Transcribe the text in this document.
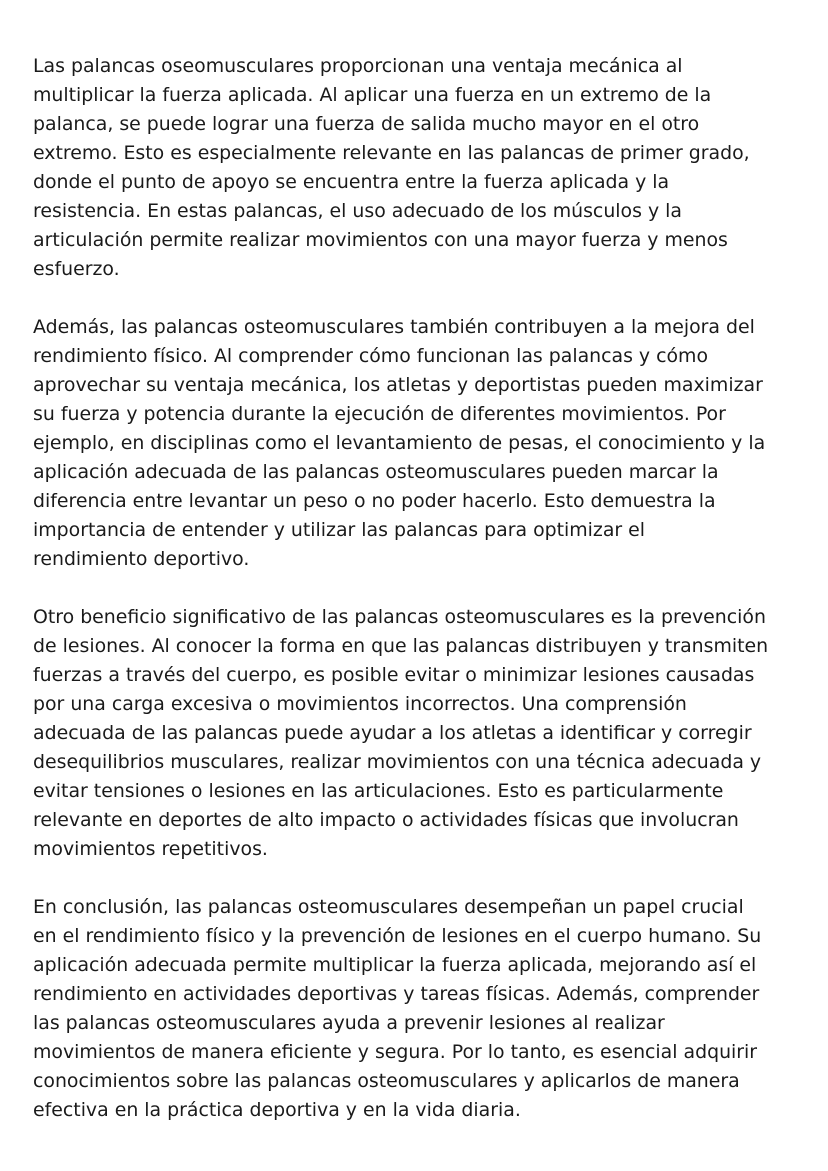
Las palancas oseomusculares proporcionan una ventaja mecánica al
multiplicar la fuerza aplicada. Al aplicar una fuerza en un extremo de la
palanca, se puede lograr una fuerza de salida mucho mayor en el otro
extremo. Esto es especialmente relevante en las palancas de primer grado,
donde el punto de apoyo se encuentra entre la fuerza aplicada y la
resistencia. En estas palancas, el uso adecuado de los músculos y la
articulación permite realizar movimientos con una mayor fuerza y menos
esfuerzo.

Además, las palancas osteomusculares también contribuyen a la mejora del
rendimiento físico. Al comprender cómo funcionan las palancas y cómo
aprovechar su ventaja mecánica, los atletas y deportistas pueden maximizar
su fuerza y potencia durante la ejecución de diferentes movimientos. Por
ejemplo, en disciplinas como el levantamiento de pesas, el conocimiento y la
aplicación adecuada de las palancas osteomusculares pueden marcar la
diferencia entre levantar un peso o no poder hacerlo. Esto demuestra la
importancia de entender y utilizar las palancas para optimizar el
rendimiento deportivo.

Otro beneficio significativo de las palancas osteomusculares es la prevención
de lesiones. Al conocer la forma en que las palancas distribuyen y transmiten
fuerzas a través del cuerpo, es posible evitar o minimizar lesiones causadas
por una carga excesiva o movimientos incorrectos. Una comprensión
adecuada de las palancas puede ayudar a los atletas a identificar y corregir
desequilibrios musculares, realizar movimientos con una técnica adecuada y
evitar tensiones o lesiones en las articulaciones. Esto es particularmente
relevante en deportes de alto impacto o actividades físicas que involucran
movimientos repetitivos.

En conclusión, las palancas osteomusculares desempeñan un papel crucial
en el rendimiento físico y la prevención de lesiones en el cuerpo humano. Su
aplicación adecuada permite multiplicar la fuerza aplicada, mejorando así el
rendimiento en actividades deportivas y tareas físicas. Además, comprender
las palancas osteomusculares ayuda a prevenir lesiones al realizar
movimientos de manera eficiente y segura. Por lo tanto, es esencial adquirir
conocimientos sobre las palancas osteomusculares y aplicarlos de manera
efectiva en la práctica deportiva y en la vida diaria.
